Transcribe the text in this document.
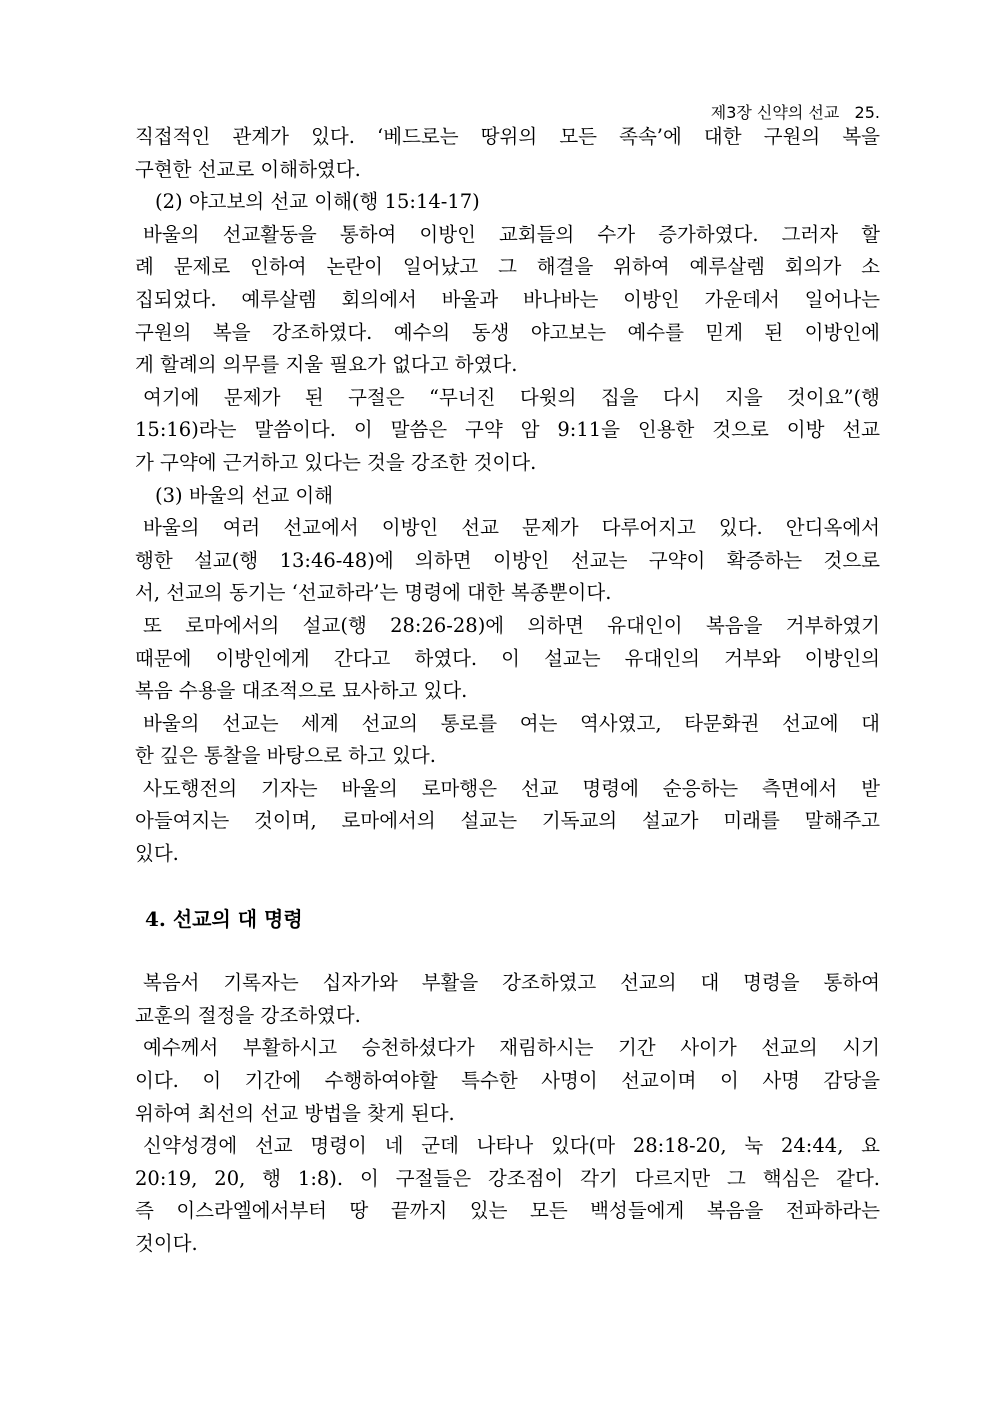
제3장 신약의 선교 25.
직접적인 관계가 있다. ‘베드로는 땅위의 모든 족속’에 대한 구원의 복을
구현한 선교로 이해하였다.
(2) 야고보의 선교 이해(행 15:14-17)
바울의 선교활동을 통하여 이방인 교회들의 수가 증가하였다. 그러자 할
례 문제로 인하여 논란이 일어났고 그 해결을 위하여 예루살렘 회의가 소
집되었다. 예루살렘 회의에서 바울과 바나바는 이방인 가운데서 일어나는
구원의 복을 강조하였다. 예수의 동생 야고보는 예수를 믿게 된 이방인에
게 할례의 의무를 지울 필요가 없다고 하였다.
여기에 문제가 된 구절은 “무너진 다윗의 집을 다시 지을 것이요”(행
15:16)라는 말씀이다. 이 말씀은 구약 암 9:11을 인용한 것으로 이방 선교
가 구약에 근거하고 있다는 것을 강조한 것이다.
(3) 바울의 선교 이해
바울의 여러 선교에서 이방인 선교 문제가 다루어지고 있다. 안디옥에서
행한 설교(행 13:46-48)에 의하면 이방인 선교는 구약이 확증하는 것으로
서, 선교의 동기는 ‘선교하라’는 명령에 대한 복종뿐이다.
또 로마에서의 설교(행 28:26-28)에 의하면 유대인이 복음을 거부하였기
때문에 이방인에게 간다고 하였다. 이 설교는 유대인의 거부와 이방인의
복음 수용을 대조적으로 묘사하고 있다.
바울의 선교는 세계 선교의 통로를 여는 역사였고, 타문화권 선교에 대
한 깊은 통찰을 바탕으로 하고 있다.
사도행전의 기자는 바울의 로마행은 선교 명령에 순응하는 측면에서 받
아들여지는 것이며, 로마에서의 설교는 기독교의 설교가 미래를 말해주고
있다.
4. 선교의 대 명령
복음서 기록자는 십자가와 부활을 강조하였고 선교의 대 명령을 통하여
교훈의 절정을 강조하였다.
예수께서 부활하시고 승천하셨다가 재림하시는 기간 사이가 선교의 시기
이다. 이 기간에 수행하여야할 특수한 사명이 선교이며 이 사명 감당을
위하여 최선의 선교 방법을 찾게 된다.
신약성경에 선교 명령이 네 군데 나타나 있다(마 28:18-20, 눅 24:44, 요
20:19, 20, 행 1:8). 이 구절들은 강조점이 각기 다르지만 그 핵심은 같다.
즉 이스라엘에서부터 땅 끝까지 있는 모든 백성들에게 복음을 전파하라는
것이다.
